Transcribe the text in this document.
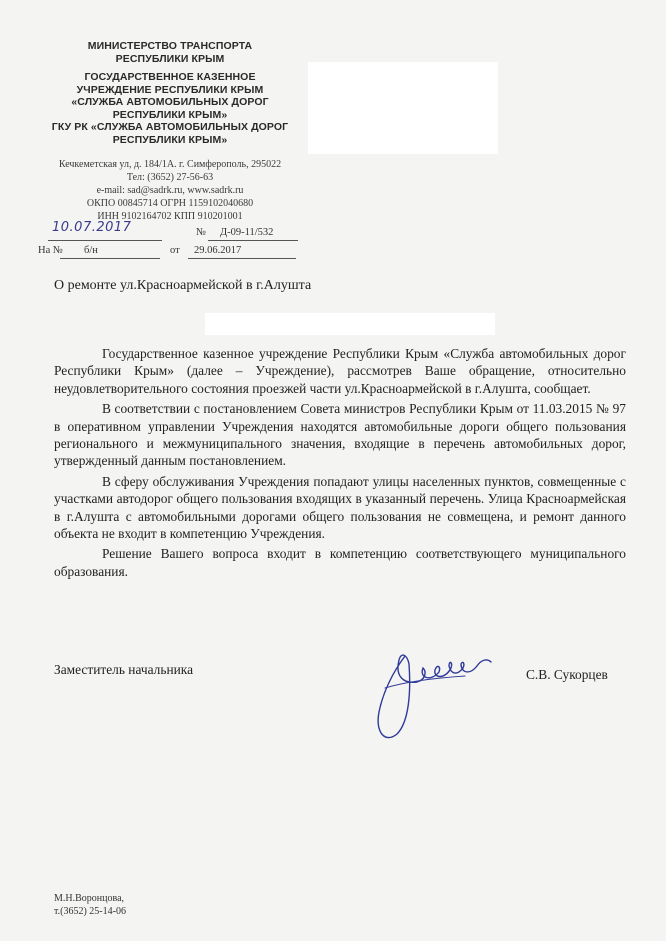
МИНИСТЕРСТВО ТРАНСПОРТА
РЕСПУБЛИКИ КРЫМ
ГОСУДАРСТВЕННОЕ КАЗЕННОЕ
УЧРЕЖДЕНИЕ РЕСПУБЛИКИ КРЫМ
«СЛУЖБА АВТОМОБИЛЬНЫХ ДОРОГ
РЕСПУБЛИКИ КРЫМ»
ГКУ РК «СЛУЖБА АВТОМОБИЛЬНЫХ ДОРОГ
РЕСПУБЛИКИ КРЫМ»
Кечкеметская ул, д. 184/1А. г. Симферополь, 295022
Тел: (3652) 27-56-63
e-mail: sad@sadrk.ru, www.sadrk.ru
ОКПО 00845714 ОГРН 1159102040680
ИНН 9102164702 КПП 910201001
10.07.2017	№ Д-09-11/532
На № б/н	от 29.06.2017
О ремонте ул.Красноармейской в г.Алушта

Государственное казенное учреждение Республики Крым «Служба автомобильных дорог Республики Крым» (далее – Учреждение), рассмотрев Ваше обращение, относительно неудовлетворительного состояния проезжей части ул.Красноармейской в г.Алушта, сообщает.

В соответствии с постановлением Совета министров Республики Крым от 11.03.2015 № 97 в оперативном управлении Учреждения находятся автомобильные дороги общего пользования регионального и межмуниципального значения, входящие в перечень автомобильных дорог, утвержденный данным постановлением.

В сферу обслуживания Учреждения попадают улицы населенных пунктов, совмещенные с участками автодорог общего пользования входящих в указанный перечень. Улица Красноармейская в г.Алушта с автомобильными дорогами общего пользования не совмещена, и ремонт данного объекта не входит в компетенцию Учреждения.

Решение Вашего вопроса входит в компетенцию соответствующего муниципального образования.

Заместитель начальника	С.В. Сукорцев
М.Н.Воронцова,
т.(3652) 25-14-06
